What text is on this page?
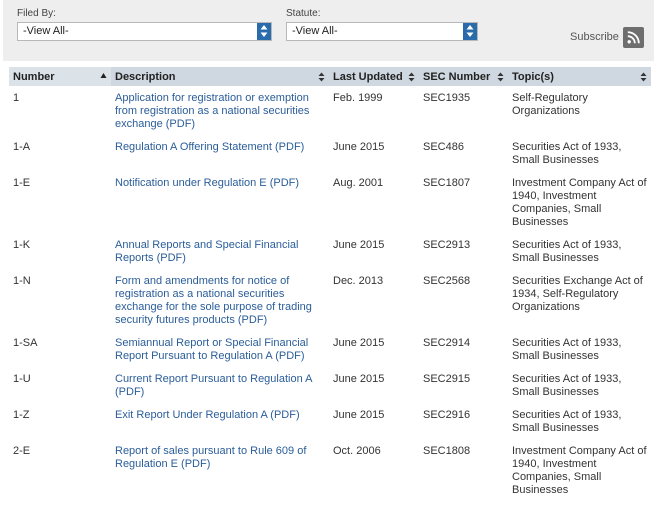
Filed By:
-View All-
Statute:
-View All-	Subscribe
Number	Description	Last Updated	SEC Number	Topic(s)

1	Application for registration or exemption from registration as a national securities exchange (PDF)	Feb. 1999	SEC1935	Self-Regulatory Organizations
1-A	Regulation A Offering Statement (PDF)	June 2015	SEC486	Securities Act of 1933, Small Businesses
1-E	Notification under Regulation E (PDF)	Aug. 2001	SEC1807	Investment Company Act of 1940, Investment Companies, Small Businesses
1-K	Annual Reports and Special Financial Reports (PDF)	June 2015	SEC2913	Securities Act of 1933, Small Businesses
1-N	Form and amendments for notice of registration as a national securities exchange for the sole purpose of trading security futures products (PDF)	Dec. 2013	SEC2568	Securities Exchange Act of 1934, Self-Regulatory Organizations
1-SA	Semiannual Report or Special Financial Report Pursuant to Regulation A (PDF)	June 2015	SEC2914	Securities Act of 1933, Small Businesses
1-U	Current Report Pursuant to Regulation A (PDF)	June 2015	SEC2915	Securities Act of 1933, Small Businesses
1-Z	Exit Report Under Regulation A (PDF)	June 2015	SEC2916	Securities Act of 1933, Small Businesses
2-E	Report of sales pursuant to Rule 609 of Regulation E (PDF)	Oct. 2006	SEC1808	Investment Company Act of 1940, Investment Companies, Small Businesses
